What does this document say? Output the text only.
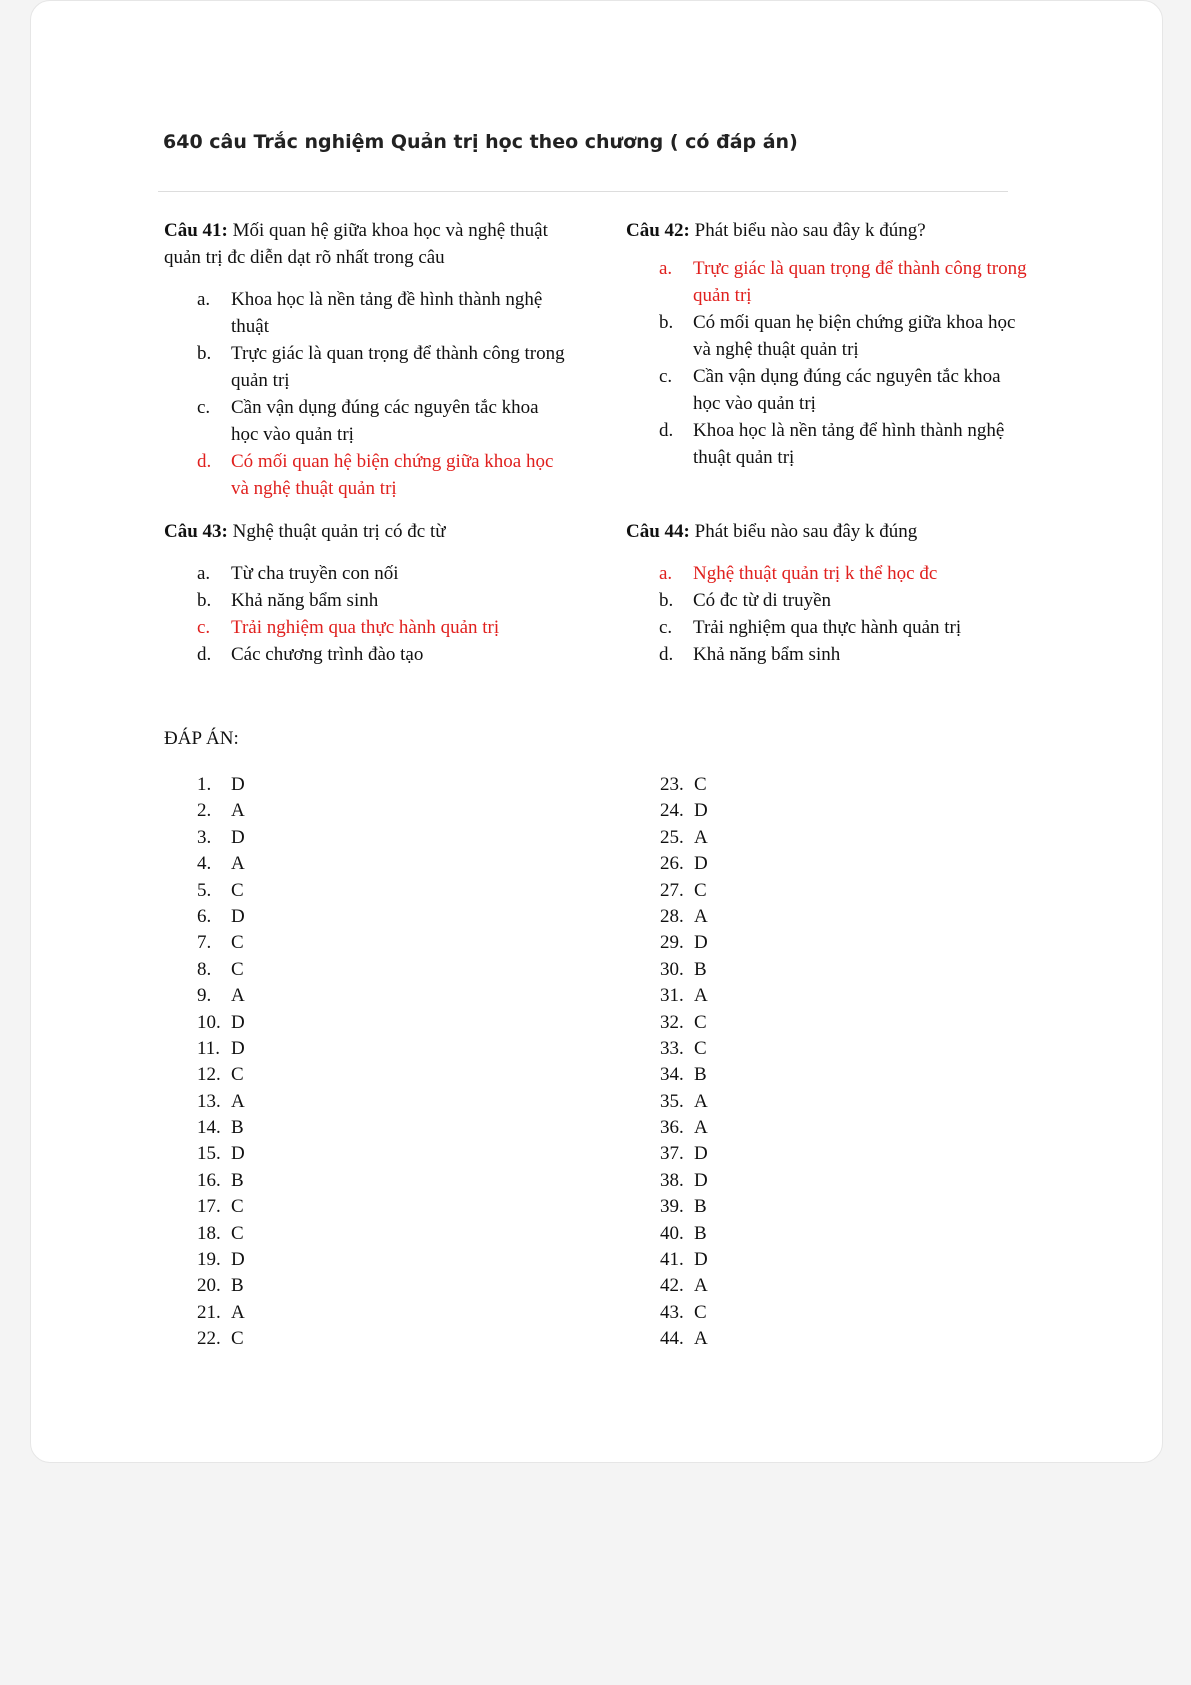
640 câu Trắc nghiệm Quản trị học theo chương ( có đáp án)

Câu 41: Mối quan hệ giữa khoa học và nghệ thuật quản trị đc diễn dạt rõ nhất trong câu

a. Khoa học là nền tảng đề hình thành nghệ thuật
b. Trực giác là quan trọng để thành công trong quản trị
c. Cần vận dụng đúng các nguyên tắc khoa học vào quản trị
d. Có mối quan hệ biện chứng giữa khoa học và nghệ thuật quản trị

Câu 42: Phát biểu nào sau đây k đúng?

a. Trực giác là quan trọng để thành công trong quản trị
b. Có mối quan hẹ biện chứng giữa khoa học và nghệ thuật quản trị
c. Cần vận dụng đúng các nguyên tắc khoa học vào quản trị
d. Khoa học là nền tảng để hình thành nghệ thuật quản trị

Câu 43: Nghệ thuật quản trị có đc từ

a. Từ cha truyền con nối
b. Khả năng bẩm sinh
c. Trải nghiệm qua thực hành quản trị
d. Các chương trình đào tạo

Câu 44: Phát biểu nào sau đây k đúng

a. Nghệ thuật quản trị k thể học đc
b. Có đc từ di truyền
c. Trải nghiệm qua thực hành quản trị
d. Khả năng bẩm sinh
ĐÁP ÁN:
1. D
2. A
3. D
4. A
5. C
6. D
7. C
8. C
9. A
10. D
11. D
12. C
13. A
14. B
15. D
16. B
17. C
18. C
19. D
20. B
21. A
22. C
23. C
24. D
25. A
26. D
27. C
28. A
29. D
30. B
31. A
32. C
33. C
34. B
35. A
36. A
37. D
38. D
39. B
40. B
41. D
42. A
43. C
44. A
